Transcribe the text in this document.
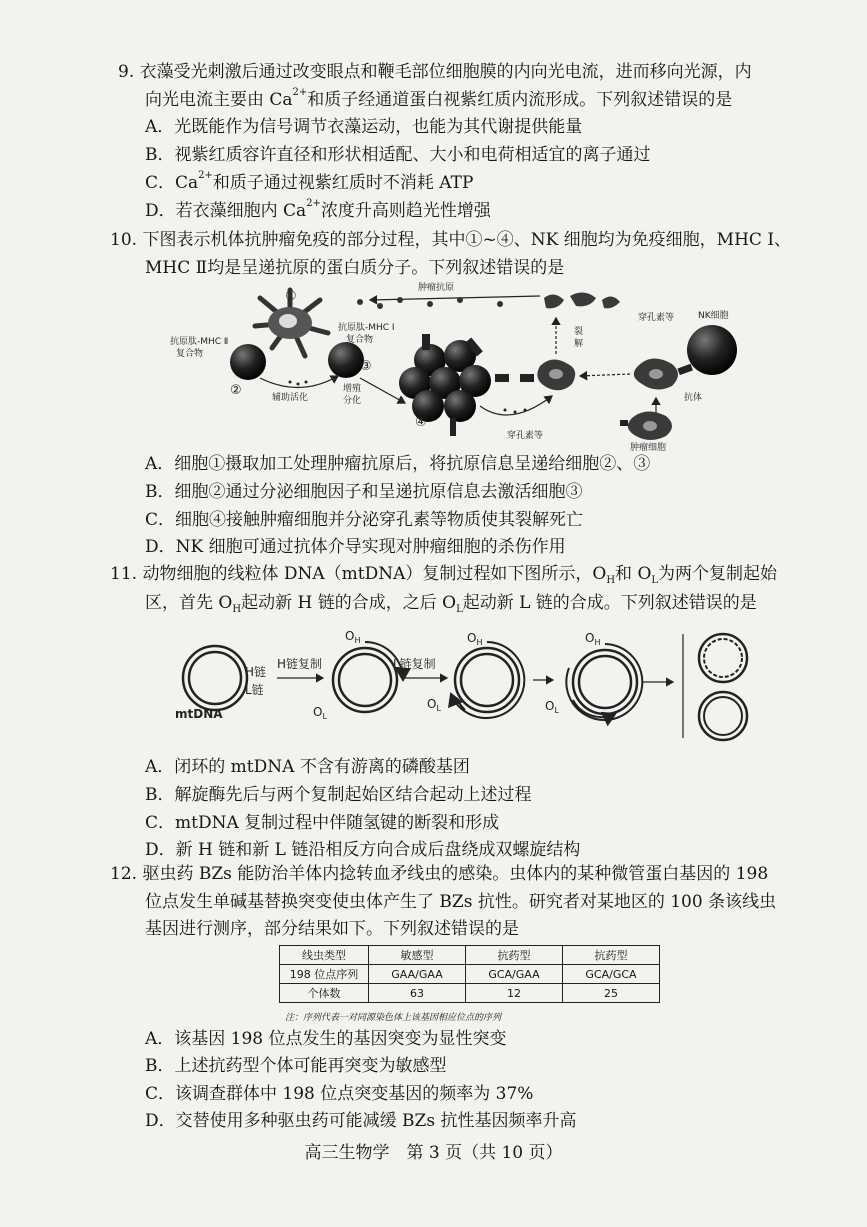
9. 衣藻受光刺激后通过改变眼点和鞭毛部位细胞膜的内向光电流，进而移向光源，内
向光电流主要由 $Ca^{2+}$和质子经通道蛋白视紫红质内流形成。下列叙述错误的是
A．光既能作为信号调节衣藻运动，也能为其代谢提供能量
B．视紫红质容许直径和形状相适配、大小和电荷相适宜的离子通过
C．$Ca^{2+}$和质子通过视紫红质时不消耗 ATP
D．若衣藻细胞内 $Ca^{2+}$浓度升高则趋光性增强
10. 下图表示机体抗肿瘤免疫的部分过程，其中①~④、NK 细胞均为免疫细胞，MHC Ⅰ、
MHC Ⅱ均是呈递抗原的蛋白质分子。下列叙述错误的是
①
②
抗原肽-MHC Ⅱ
复合物
抗原肽-MHC Ⅰ
复合物
③
辅助活化
增殖
分化
④
肿瘤抗原
裂
解
穿孔素等
穿孔素等	NK细胞
抗体
肿瘤细胞
A．细胞①摄取加工处理肿瘤抗原后，将抗原信息呈递给细胞②、③
B．细胞②通过分泌细胞因子和呈递抗原信息去激活细胞③
C．细胞④接触肿瘤细胞并分泌穿孔素等物质使其裂解死亡
D．NK 细胞可通过抗体介导实现对肿瘤细胞的杀伤作用
11. 动物细胞的线粒体 DNA（mtDNA）复制过程如下图所示，$O_H$和 $O_L$为两个复制起始
区，首先 $O_H$起动新 H 链的合成，之后 $O_L$起动新 L 链的合成。下列叙述错误的是
H链
L链
mtDNA
H链复制
$O_H$
$O_L$
L链复制
$O_H$
$O_L$
$O_H$
$O_L$
A．闭环的 mtDNA 不含有游离的磷酸基团
B．解旋酶先后与两个复制起始区结合起动上述过程
C．mtDNA 复制过程中伴随氢键的断裂和形成
D．新 H 链和新 L 链沿相反方向合成后盘绕成双螺旋结构
12. 驱虫药 BZs 能防治羊体内捻转血矛线虫的感染。虫体内的某种微管蛋白基因的 198
位点发生单碱基替换突变使虫体产生了 BZs 抗性。研究者对某地区的 100 条该线虫
基因进行测序，部分结果如下。下列叙述错误的是
线虫类型	敏感型	抗药型	抗药型
198 位点序列	GAA/GAA	GCA/GAA	GCA/GCA
个体数	63	12	25
注：序列代表一对同源染色体上该基因相应位点的序列
A．该基因 198 位点发生的基因突变为显性突变
B．上述抗药型个体可能再突变为敏感型
C．该调查群体中 198 位点突变基因的频率为 37%
D．交替使用多种驱虫药可能减缓 BZs 抗性基因频率升高
高三生物学　第 3 页（共 10 页）
